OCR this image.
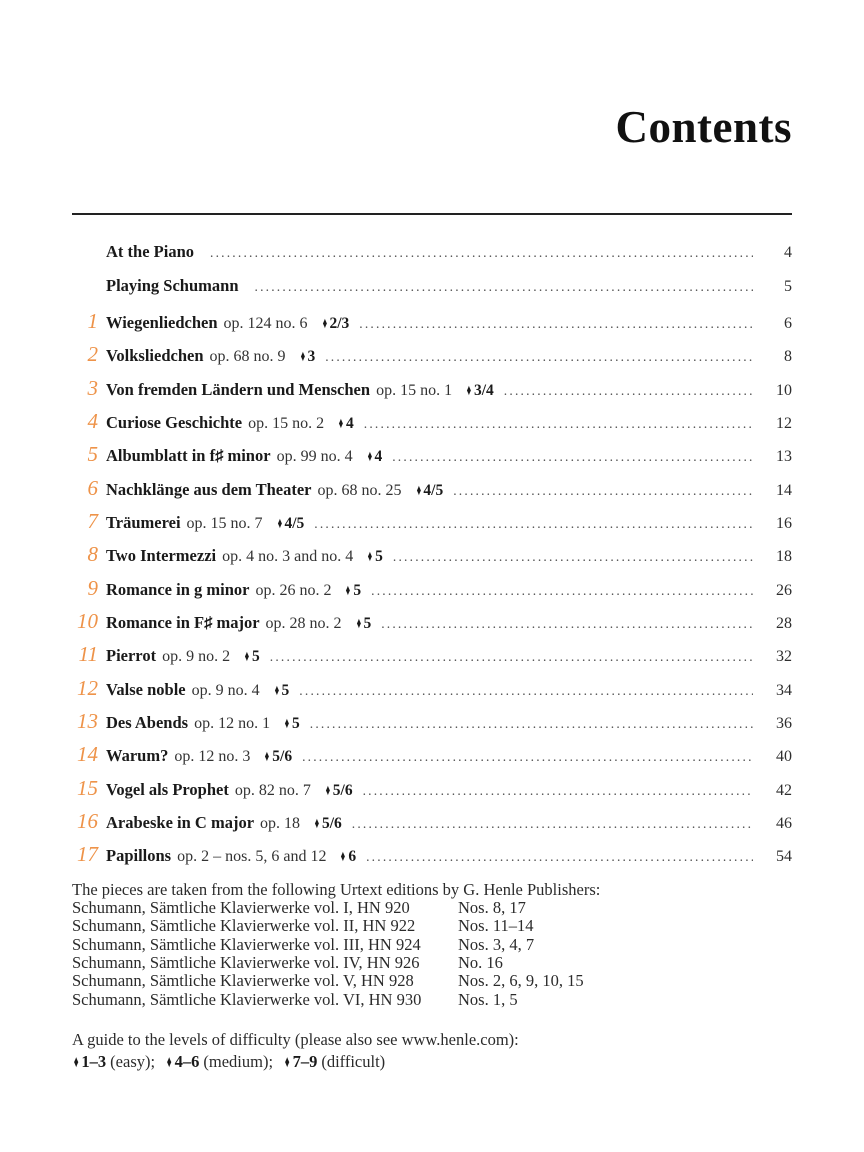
Contents
At the Piano .....	4
Playing Schumann .....	5
1 Wiegenliedchen op. 124 no. 6 ♦ 2/3 .....	6
2 Volksliedchen op. 68 no. 9 ♦ 3 .....	8
3 Von fremden Ländern und Menschen op. 15 no. 1 ♦ 3/4 .....	10
4 Curiose Geschichte op. 15 no. 2 ♦ 4 .....	12
5 Albumblatt in f♯ minor op. 99 no. 4 ♦ 4 .....	13
6 Nachklänge aus dem Theater op. 68 no. 25 ♦ 4/5 .....	14
7 Träumerei op. 15 no. 7 ♦ 4/5 .....	16
8 Two Intermezzi op. 4 no. 3 and no. 4 ♦ 5 .....	18
9 Romance in g minor op. 26 no. 2 ♦ 5 .....	26
10 Romance in F♯ major op. 28 no. 2 ♦ 5 .....	28
11 Pierrot op. 9 no. 2 ♦ 5 .....	32
12 Valse noble op. 9 no. 4 ♦ 5 .....	34
13 Des Abends op. 12 no. 1 ♦ 5 .....	36
14 Warum? op. 12 no. 3 ♦ 5/6 .....	40
15 Vogel als Prophet op. 82 no. 7 ♦ 5/6 .....	42
16 Arabeske in C major op. 18 ♦ 5/6 .....	46
17 Papillons op. 2 – nos. 5, 6 and 12 ♦ 6 .....	54
The pieces are taken from the following Urtext editions by G. Henle Publishers:
Schumann, Sämtliche Klavierwerke vol. I, HN 920	Nos. 8, 17
Schumann, Sämtliche Klavierwerke vol. II, HN 922	Nos. 11–14
Schumann, Sämtliche Klavierwerke vol. III, HN 924	Nos. 3, 4, 7
Schumann, Sämtliche Klavierwerke vol. IV, HN 926	No. 16
Schumann, Sämtliche Klavierwerke vol. V, HN 928	Nos. 2, 6, 9, 10, 15
Schumann, Sämtliche Klavierwerke vol. VI, HN 930	Nos. 1, 5
A guide to the levels of difficulty (please also see www.henle.com):
♦ 1–3 (easy); ♦ 4–6 (medium); ♦ 7–9 (difficult)
